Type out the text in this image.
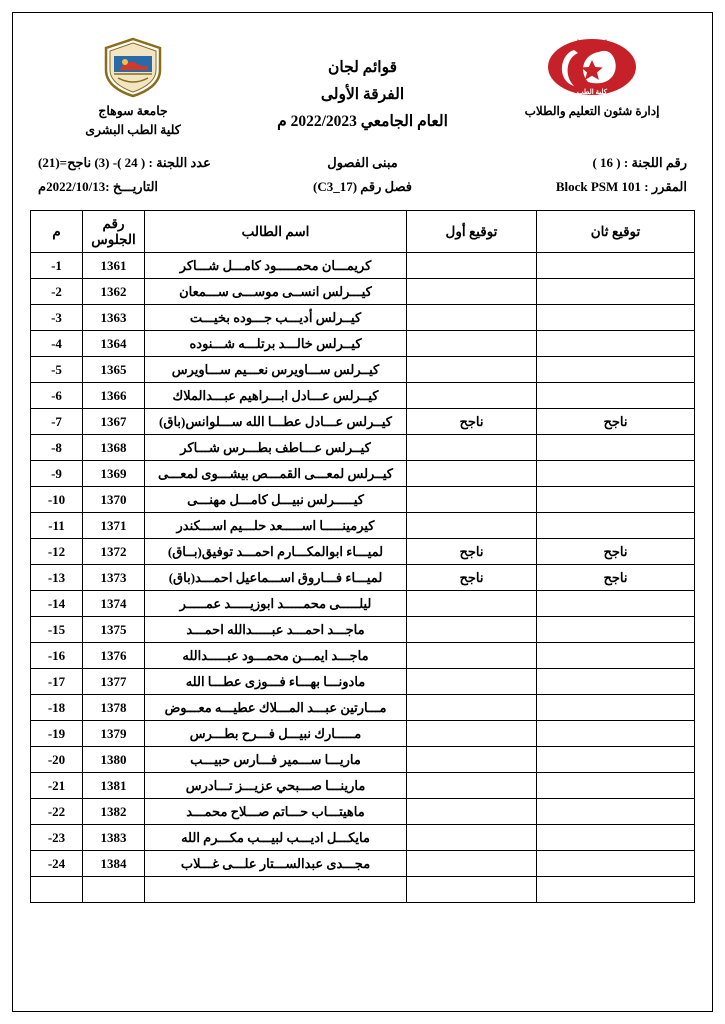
جامعة سوهاج
كلية الطب
إدارة شئون التعليم والطلاب
قوائم لجان
الفرقة الأولى
العام الجامعي 2022/2023 م
جامعة سوهاج
كلية الطب البشرى
رقم اللجنة : ( 16 )
مبنى الفصول
عدد اللجنة : ( 24 )- (3) ناجح=(21)
المقرر : Block PSM 101
فصل رقم (C3_17)
التاريـــخ :2022/10/13م
توقيع ثان	توقيع أول	اسم الطالب	رقم
الجلوس	م
		كريمـــان محمـــــود كامـــل شـــاكر	1361	-1
		كيـــرلس انســى موســـى ســـمعان	1362	-2
		كيــرلس أديـــب جـــوده بخيـــت	1363	-3
		كيــرلس خالـــد برتلـــه شـــنوده	1364	-4
		كيــرلس ســـاويرس نعـــيم ســـاويرس	1365	-5
		كيــرلس عـــادل ابـــراهيم عبـــدالملاك	1366	-6
ناجح	ناجح	كيــرلس عـــادل عطـــا الله ســـلوانس(باق)	1367	-7
		كيــرلس عـــاطف بطـــرس شـــاكر	1368	-8
		كيــرلس لمعـــى القمـــص بيشـــوى لمعـــى	1369	-9
		كيـــــرلس نبيـــل كامـــل مهنـــى	1370	-10
		كيرمينـــــا اســـــعد حلـــيم اســـكندر	1371	-11
ناجح	ناجح	لميـــاء ابوالمكـــارم احمـــد توفيق(بــاق)	1372	-12
ناجح	ناجح	لميـــاء فـــاروق اســـماعيل احمـــد(باق)	1373	-13
		ليلـــــى محمـــــد ابوزيـــــد عمـــــر	1374	-14
		ماجـــد احمـــد عبـــــدالله احمـــد	1375	-15
		ماجـــد ايمـــن محمـــود عبـــــدالله	1376	-16
		مادونـــا بهـــاء فـــوزى عطـــا الله	1377	-17
		مـــارتين عبـــد المـــلاك عطيـــه معـــوض	1378	-18
		مـــــارك نبيـــل فـــرح بطـــرس	1379	-19
		ماريـــا ســـمير فـــارس حبيـــب	1380	-20
		مارينـــا صـــبحي عزيـــز تـــادرس	1381	-21
		ماهيتـــاب حـــاتم صـــلاح محمـــد	1382	-22
		مايكـــل اديـــب لبيـــب مكـــرم الله	1383	-23
		مجـــدى عبدالســـتار علـــى غـــلاب	1384	-24
